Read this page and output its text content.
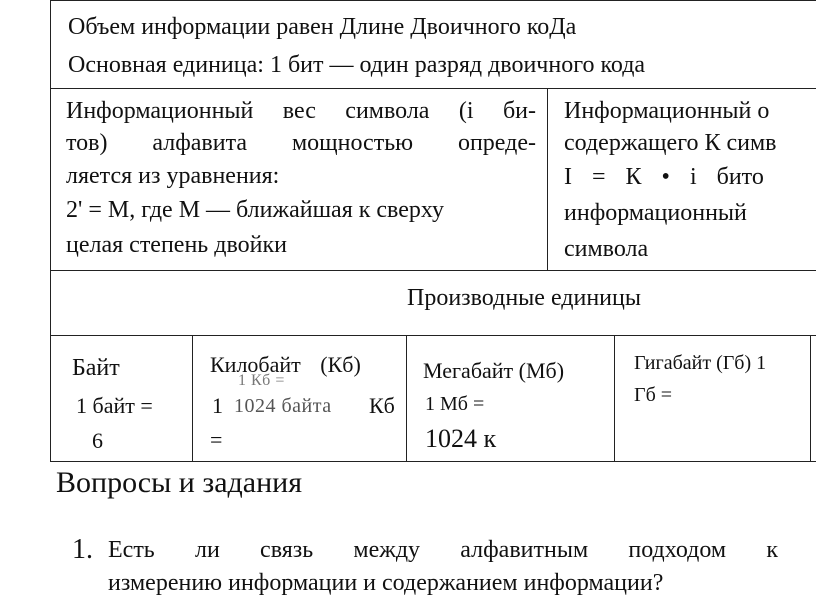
Объем информации равен Длине Двоичного коДа
Основная единица: 1 бит — один разряд двоичного кода
Информационный вес символа (i би-
тов) алфавита мощностью опреде-
ляется из уравнения:
2' = М, где М — ближайшая к сверху
целая степень двойки
Информационный о
содержащего К симв
I = К • i бито
информационный
символа
Производные единицы
Байт
1 байт =
6
Килобайт (Кб)
1 Кб =
1 1024 байта Кб
=
Мегабайт (Мб)
1 Мб =
1024 к
Гигабайт (Гб) 1
Гб =
Вопросы и задания
1. Есть ли связь между алфавитным подходом к
измерению информации и содержанием информации?
